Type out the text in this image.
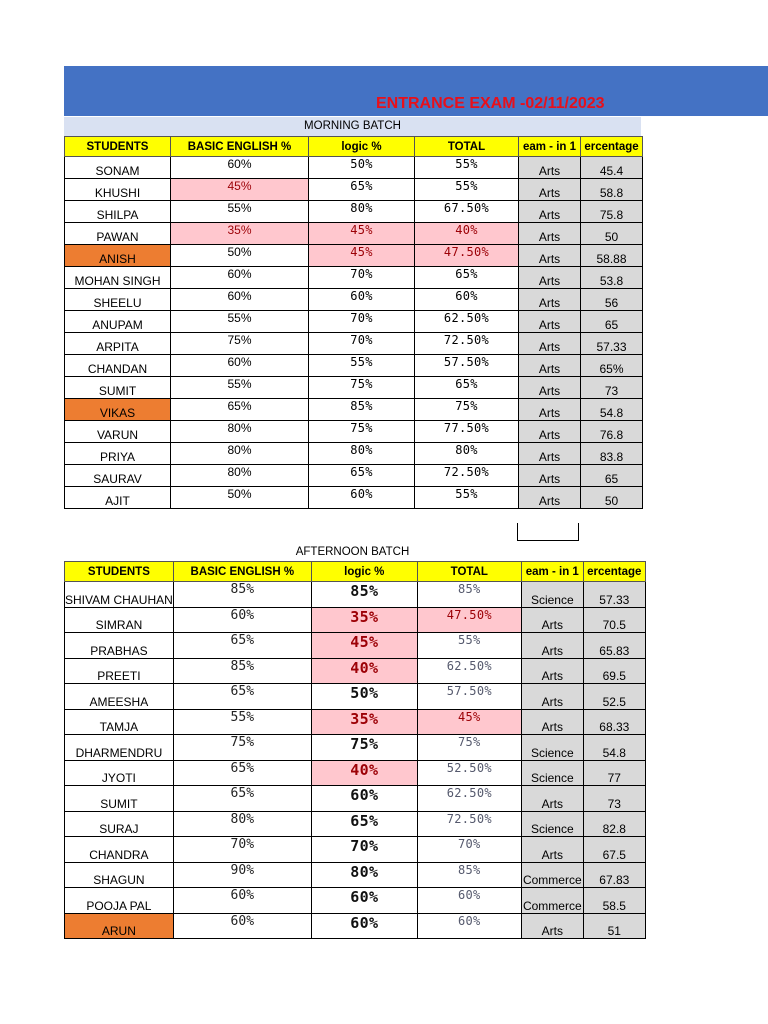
ENTRANCE EXAM -02/11/2023
MORNING BATCH
STUDENTS	BASIC ENGLISH %	logic %	TOTAL	eam - in 1	ercentage
SONAM	60%	50%	55%	Arts	45.4
KHUSHI	45%	65%	55%	Arts	58.8
SHILPA	55%	80%	67.50%	Arts	75.8
PAWAN	35%	45%	40%	Arts	50
ANISH	50%	45%	47.50%	Arts	58.88
MOHAN SINGH	60%	70%	65%	Arts	53.8
SHEELU	60%	60%	60%	Arts	56
ANUPAM	55%	70%	62.50%	Arts	65
ARPITA	75%	70%	72.50%	Arts	57.33
CHANDAN	60%	55%	57.50%	Arts	65%
SUMIT	55%	75%	65%	Arts	73
VIKAS	65%	85%	75%	Arts	54.8
VARUN	80%	75%	77.50%	Arts	76.8
PRIYA	80%	80%	80%	Arts	83.8
SAURAV	80%	65%	72.50%	Arts	65
AJIT	50%	60%	55%	Arts	50
AFTERNOON BATCH
STUDENTS	BASIC ENGLISH %	logic %	TOTAL	eam - in 1	ercentage
SHIVAM CHAUHAN	85%	85%	85%	Science	57.33
SIMRAN	60%	35%	47.50%	Arts	70.5
PRABHAS	65%	45%	55%	Arts	65.83
PREETI	85%	40%	62.50%	Arts	69.5
AMEESHA	65%	50%	57.50%	Arts	52.5
TAMJA	55%	35%	45%	Arts	68.33
DHARMENDRU	75%	75%	75%	Science	54.8
JYOTI	65%	40%	52.50%	Science	77
SUMIT	65%	60%	62.50%	Arts	73
SURAJ	80%	65%	72.50%	Science	82.8
CHANDRA	70%	70%	70%	Arts	67.5
SHAGUN	90%	80%	85%	Commerce	67.83
POOJA PAL	60%	60%	60%	Commerce	58.5
ARUN	60%	60%	60%	Arts	51
